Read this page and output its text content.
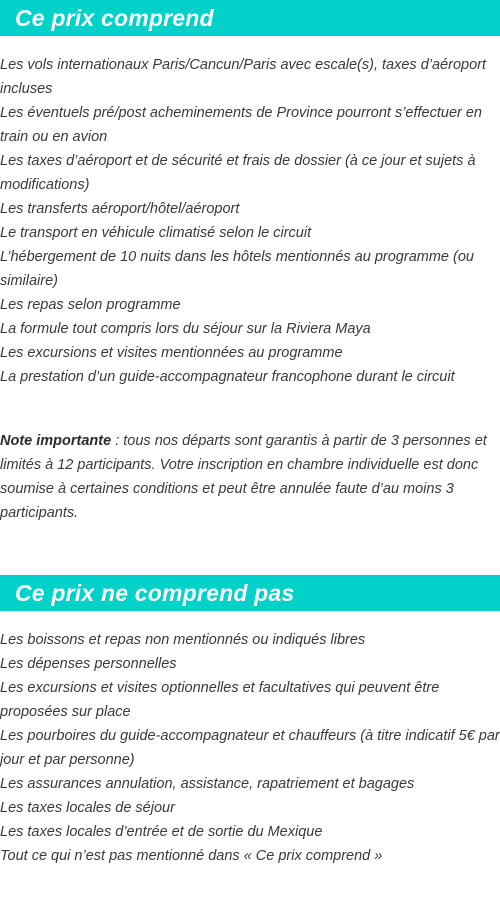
Ce prix comprend
Les vols internationaux Paris/Cancun/Paris avec escale(s), taxes d’aéroport incluses
Les éventuels pré/post acheminements de Province pourront s’effectuer en train ou en avion
Les taxes d’aéroport et de sécurité et frais de dossier (à ce jour et sujets à modifications)
Les transferts aéroport/hôtel/aéroport
Le transport en véhicule climatisé selon le circuit
L’hébergement de 10 nuits dans les hôtels mentionnés au programme (ou similaire)
Les repas selon programme
La formule tout compris lors du séjour sur la Riviera Maya
Les excursions et visites mentionnées au programme
La prestation d’un guide-accompagnateur francophone durant le circuit

Note importante : tous nos départs sont garantis à partir de 3 personnes et limités à 12 participants. Votre inscription en chambre individuelle est donc soumise à certaines conditions et peut être annulée faute d’au moins 3 participants.

Ce prix ne comprend pas
Les boissons et repas non mentionnés ou indiqués libres
Les dépenses personnelles
Les excursions et visites optionnelles et facultatives qui peuvent être proposées sur place
Les pourboires du guide-accompagnateur et chauffeurs (à titre indicatif 5€ par jour et par personne)
Les assurances annulation, assistance, rapatriement et bagages
Les taxes locales de séjour
Les taxes locales d’entrée et de sortie du Mexique
Tout ce qui n’est pas mentionné dans « Ce prix comprend »
